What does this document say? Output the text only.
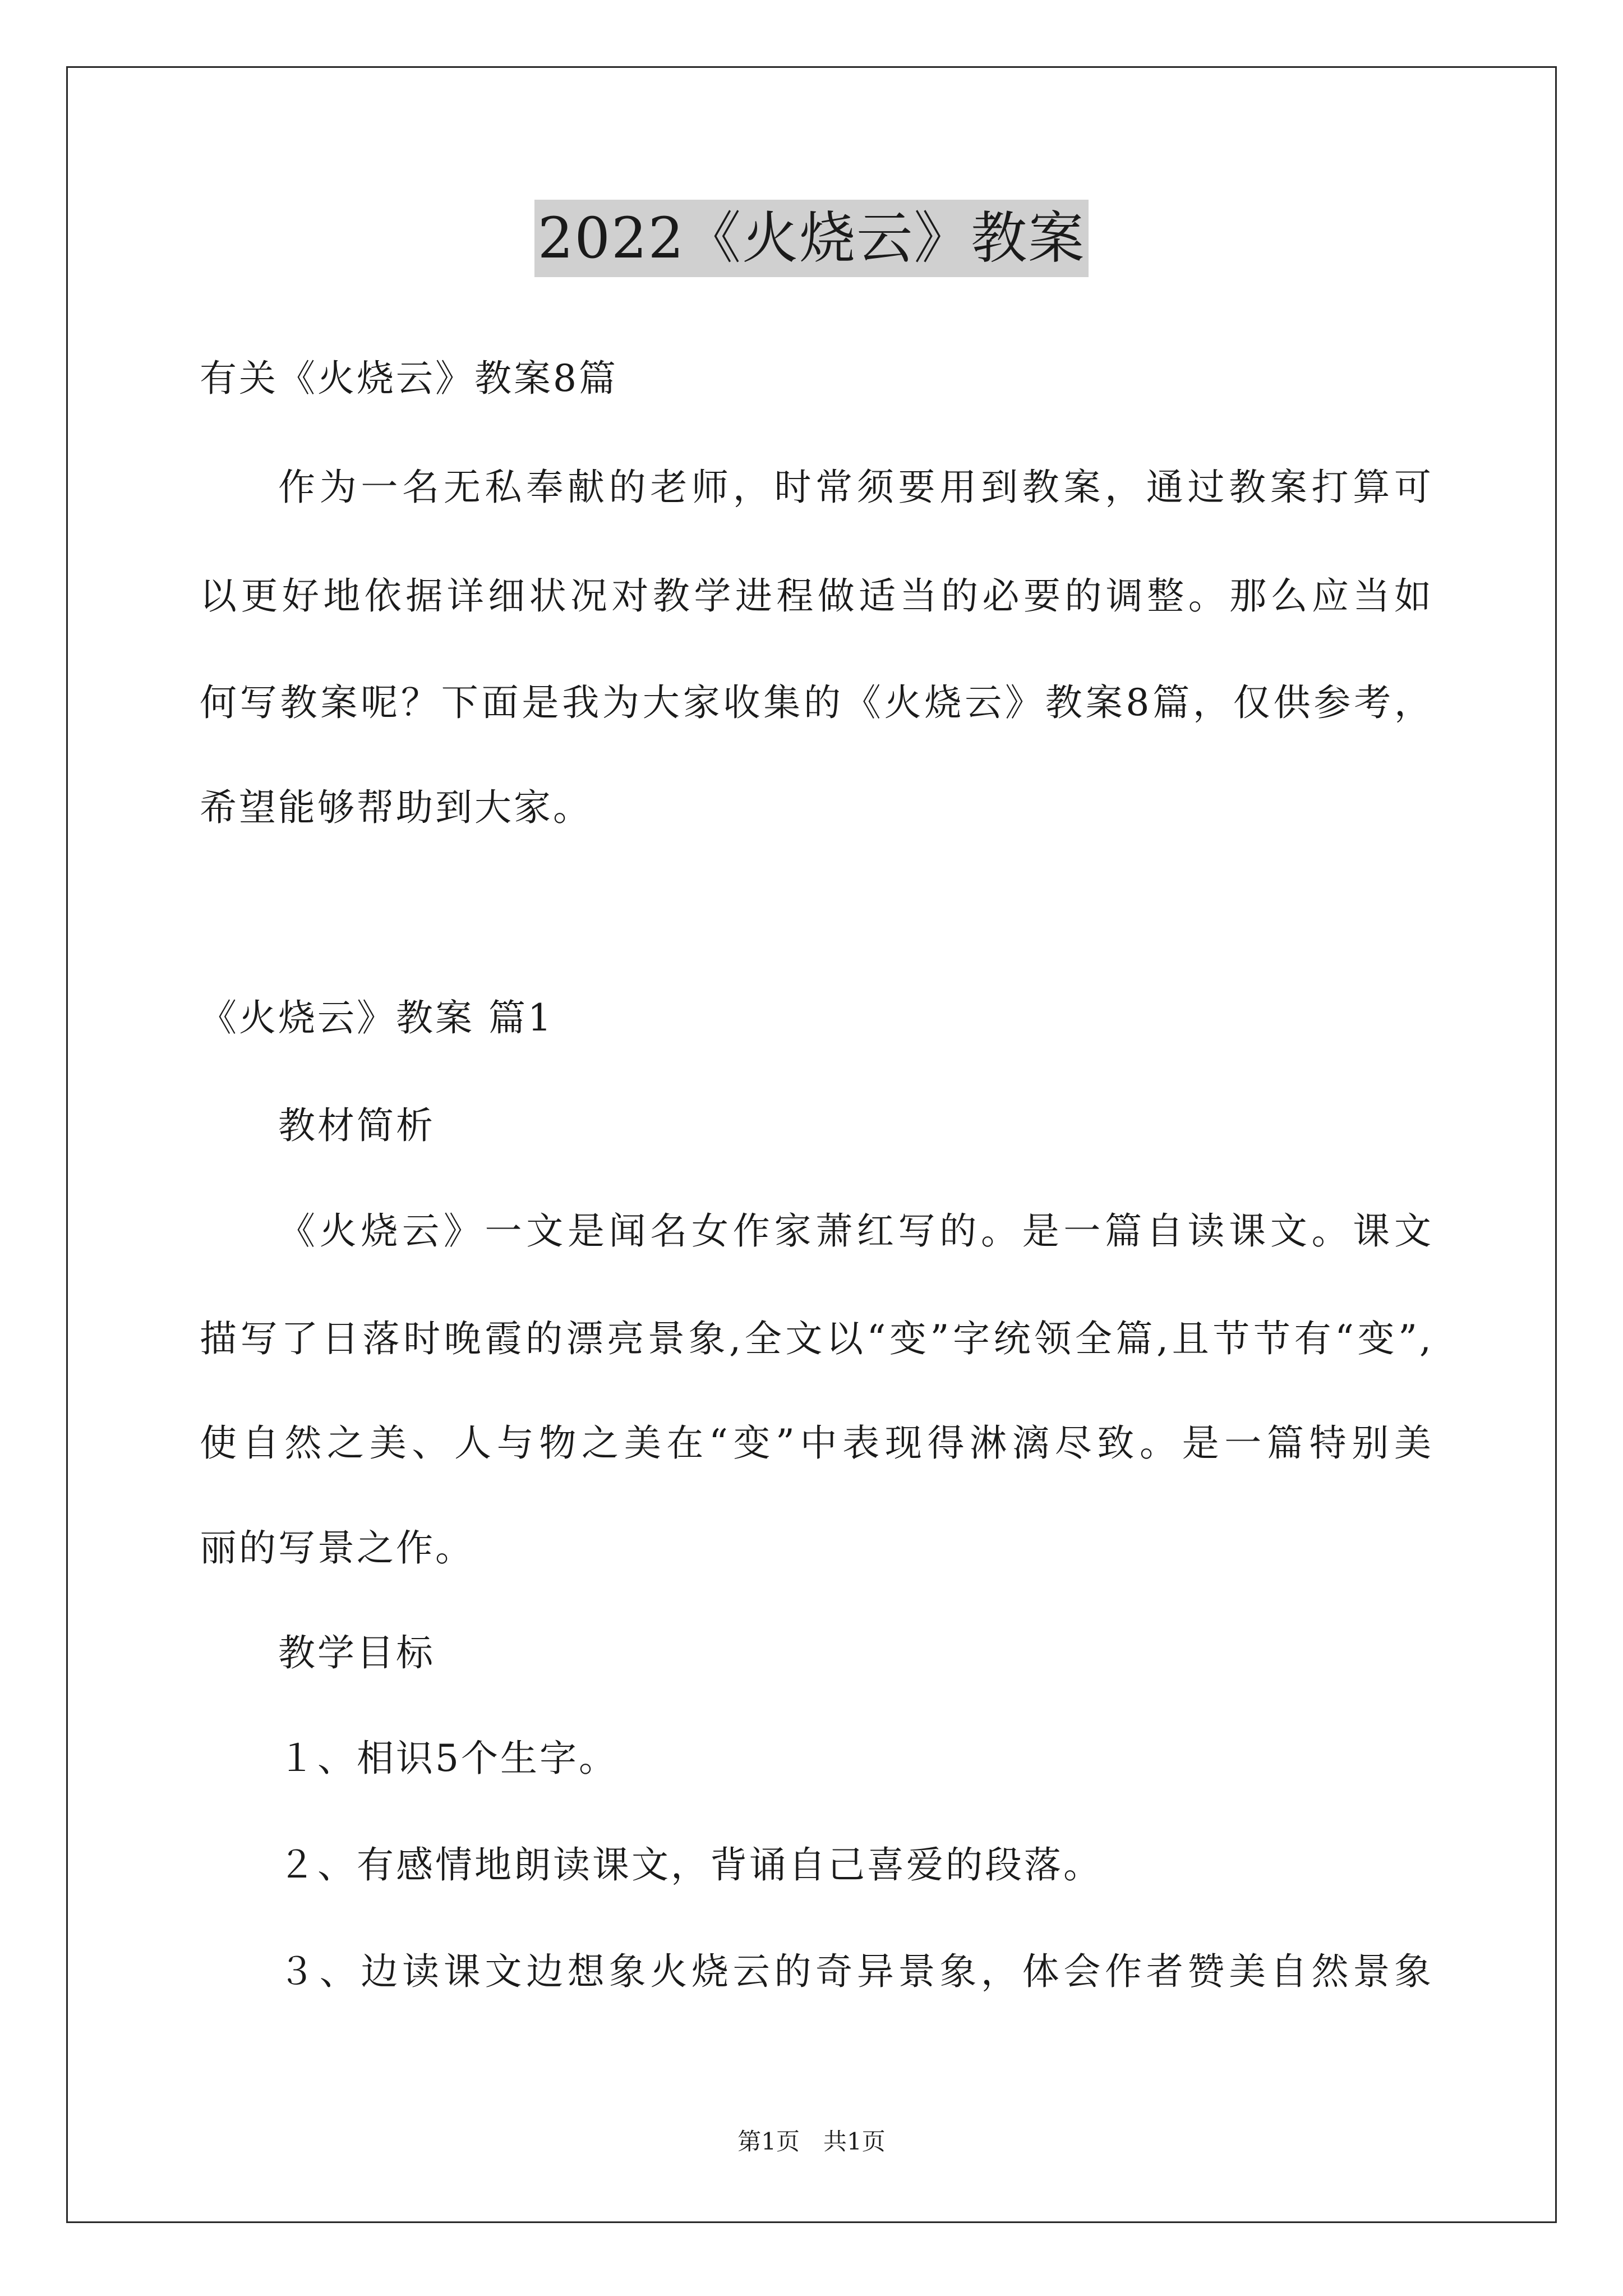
2022《火烧云》教案
有关《火烧云》教案8篇
作为一名无私奉献的老师，时常须要用到教案，通过教案打算可
以更好地依据详细状况对教学进程做适当的必要的调整。那么应当如
何写教案呢？下面是我为大家收集的《火烧云》教案8篇，仅供参考，
希望能够帮助到大家。
《火烧云》教案 篇1
教材简析
《火烧云》一文是闻名女作家萧红写的。是一篇自读课文。课文
描写了日落时晚霞的漂亮景象,全文以“变”字统领全篇,且节节有“变”,
使自然之美、人与物之美在“变”中表现得淋漓尽致。是一篇特别美
丽的写景之作。
教学目标
１、相识5个生字。
２、有感情地朗读课文，背诵自己喜爱的段落。
３、边读课文边想象火烧云的奇异景象，体会作者赞美自然景象
第1页　共1页
